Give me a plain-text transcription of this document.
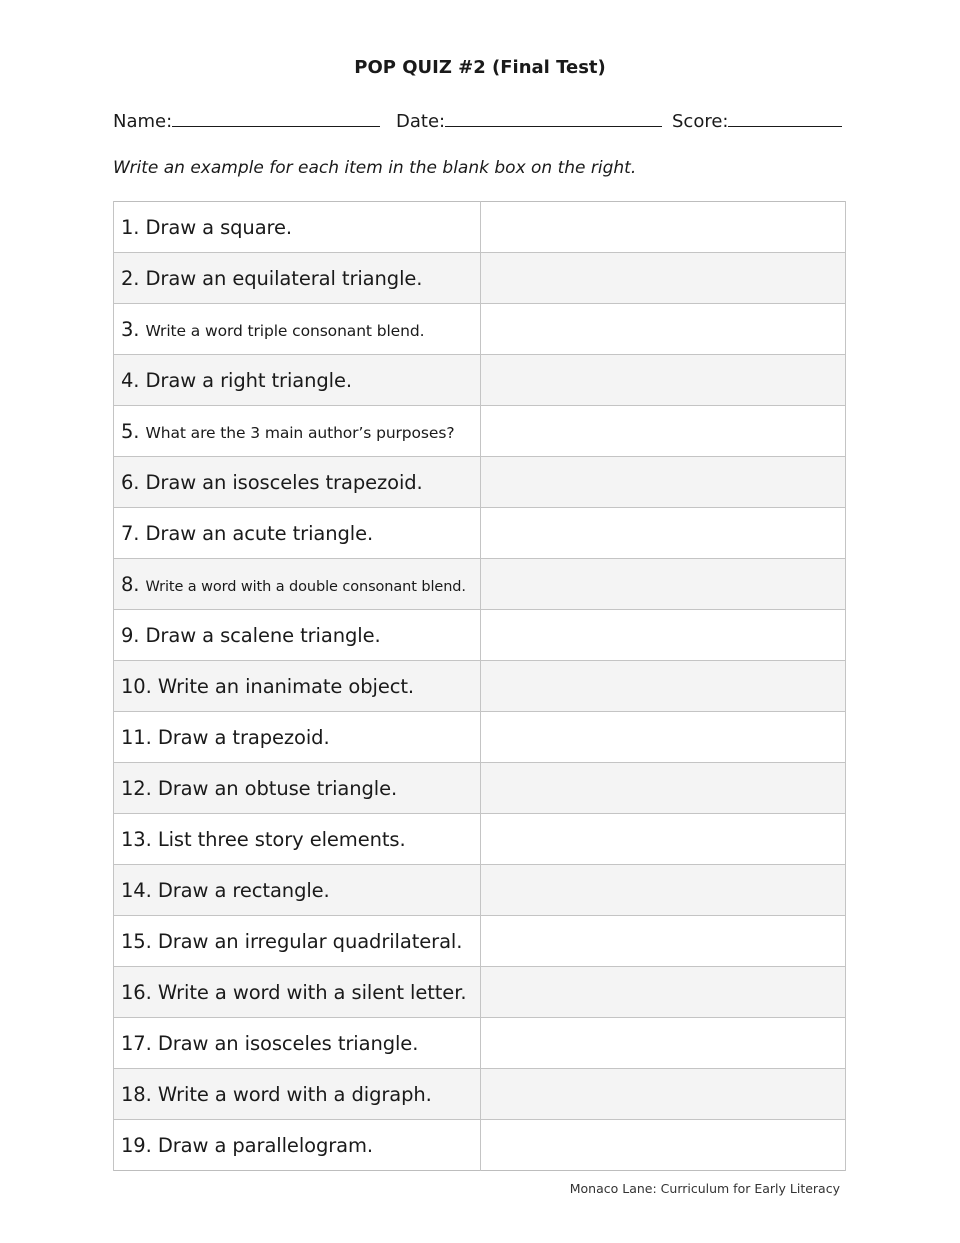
POP QUIZ #2 (Final Test)
Name:	Date:	Score:
Write an example for each item in the blank box on the right.
1. Draw a square.	
2. Draw an equilateral triangle.	
3. Write a word triple consonant blend.	
4. Draw a right triangle.	
5. What are the 3 main author’s purposes?	
6. Draw an isosceles trapezoid.	
7. Draw an acute triangle.	
8. Write a word with a double consonant blend.	
9. Draw a scalene triangle.	
10. Write an inanimate object.	
11. Draw a trapezoid.	
12. Draw an obtuse triangle.	
13. List three story elements.	
14. Draw a rectangle.	
15. Draw an irregular quadrilateral.	
16. Write a word with a silent letter.	
17. Draw an isosceles triangle.	
18. Write a word with a digraph.	
19. Draw a parallelogram.	
Monaco Lane: Curriculum for Early Literacy
